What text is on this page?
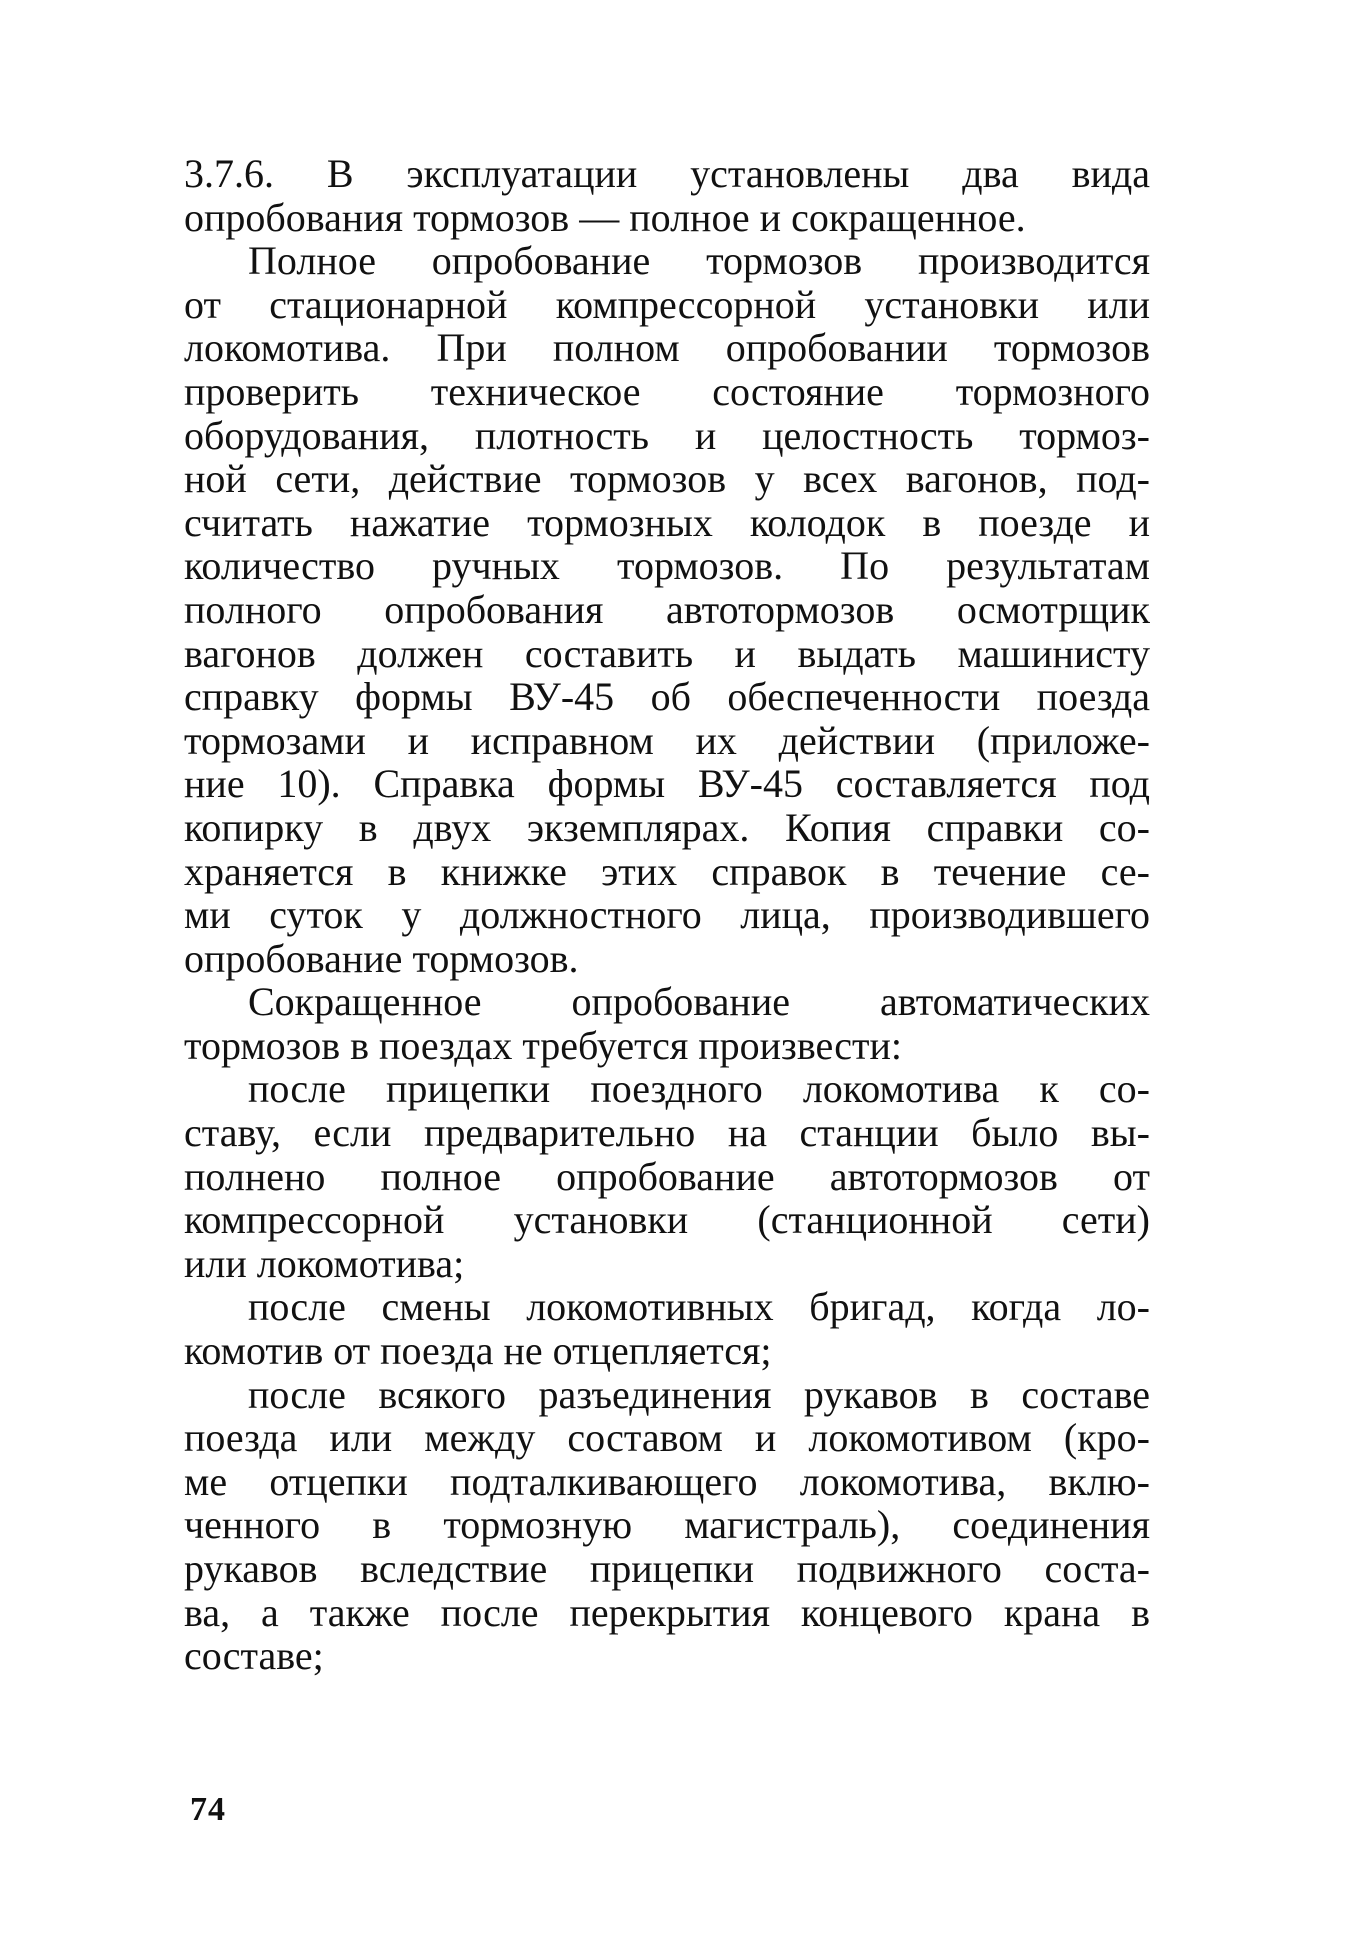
3.7.6. В эксплуатации установлены два вида
опробования тормозов — полное и сокращенное.

Полное опробование тормозов производится
от стационарной компрессорной установки или
локомотива. При полном опробовании тормозов
проверить техническое состояние тормозного
оборудования, плотность и целостность тормоз-
ной сети, действие тормозов у всех вагонов, под-
считать нажатие тормозных колодок в поезде и
количество ручных тормозов. По результатам
полного опробования автотормозов осмотрщик
вагонов должен составить и выдать машинисту
справку формы ВУ-45 об обеспеченности поезда
тормозами и исправном их действии (приложе-
ние 10). Справка формы ВУ-45 составляется под
копирку в двух экземплярах. Копия справки со-
храняется в книжке этих справок в течение се-
ми суток у должностного лица, производившего
опробование тормозов.

Сокращенное опробование автоматических
тормозов в поездах требуется произвести:

после прицепки поездного локомотива к со-
ставу, если предварительно на станции было вы-
полнено полное опробование автотормозов от
компрессорной установки (станционной сети)
или локомотива;

после смены локомотивных бригад, когда ло-
комотив от поезда не отцепляется;

после всякого разъединения рукавов в составе
поезда или между составом и локомотивом (кро-
ме отцепки подталкивающего локомотива, вклю-
ченного в тормозную магистраль), соединения
рукавов вследствие прицепки подвижного соста-
ва, а также после перекрытия концевого крана в
составе;

74
